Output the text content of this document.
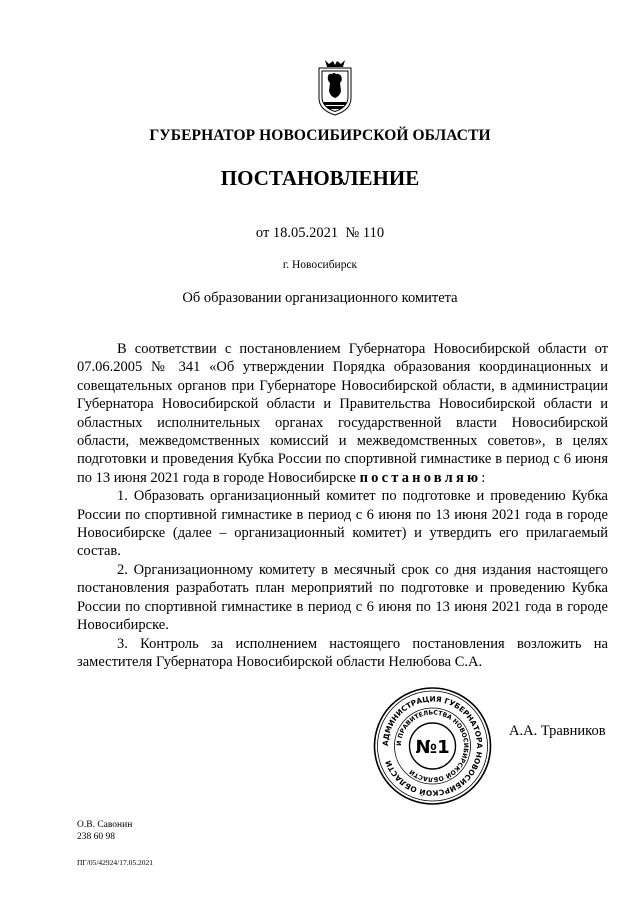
ГУБЕРНАТОР НОВОСИБИРСКОЙ ОБЛАСТИ
ПОСТАНОВЛЕНИЕ
от 18.05.2021 № 110
г. Новосибирск
Об образовании организационного комитета

В соответствии с постановлением Губернатора Новосибирской области от 07.06.2005 № 341 «Об утверждении Порядка образования координационных и совещательных органов при Губернаторе Новосибирской области, в администрации Губернатора Новосибирской области и Правительства Новосибирской области и областных исполнительных органах государственной власти Новосибирской области, межведомственных комиссий и межведомственных советов», в целях подготовки и проведения Кубка России по спортивной гимнастике в период с 6 июня по 13 июня 2021 года в городе Новосибирске постановляю:

1. Образовать организационный комитет по подготовке и проведению Кубка России по спортивной гимнастике в период с 6 июня по 13 июня 2021 года в городе Новосибирске (далее – организационный комитет) и утвердить его прилагаемый состав.

2. Организационному комитету в месячный срок со дня издания настоящего постановления разработать план мероприятий по подготовке и проведению Кубка России по спортивной гимнастике в период с 6 июня по 13 июня 2021 года в городе Новосибирске.

3. Контроль за исполнением настоящего постановления возложить на заместителя Губернатора Новосибирской области Нелюбова С.А.

АДМИНИСТРАЦИЯ ГУБЕРНАТОРА НОВОСИБИРСКОЙ ОБЛАСТИ
И ПРАВИТЕЛЬСТВА НОВОСИБИРСКОЙ ОБЛАСТИ
№1
А.А. Травников
О.В. Савонин
238 60 98
ПГ/05/42924/17.05.2021
